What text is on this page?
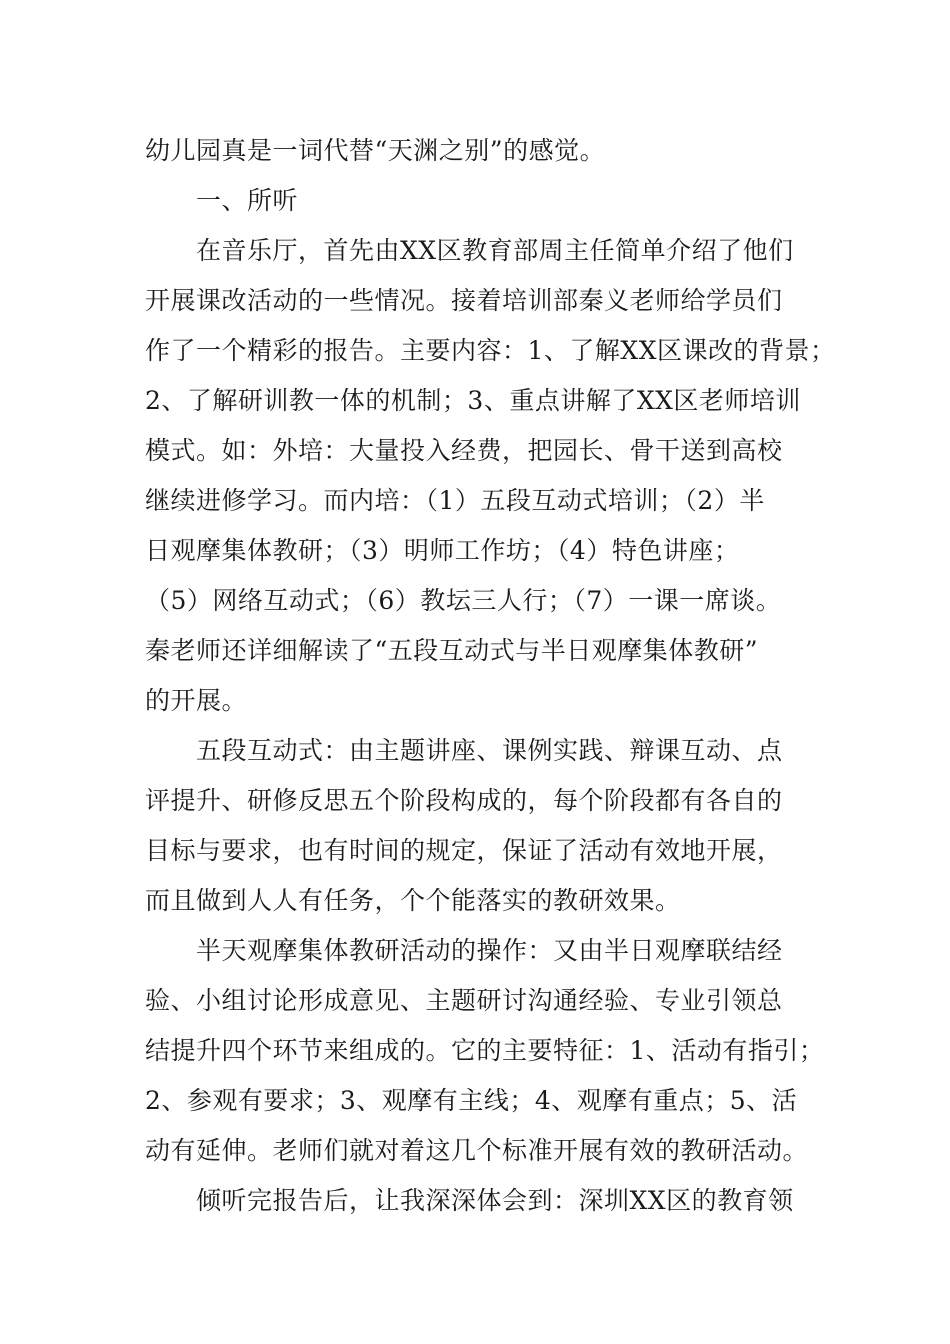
幼儿园真是一词代替“天渊之别”的感觉。
一、所听
在音乐厅，首先由XX区教育部周主任简单介绍了他们
开展课改活动的一些情况。接着培训部秦义老师给学员们
作了一个精彩的报告。主要内容：1、了解XX区课改的背景；
2、了解研训教一体的机制；3、重点讲解了XX区老师培训
模式。如：外培：大量投入经费，把园长、骨干送到高校
继续进修学习。而内培：（1）五段互动式培训；（2）半
日观摩集体教研；（3）明师工作坊；（4）特色讲座；
（5）网络互动式；（6）教坛三人行；（7）一课一席谈。
秦老师还详细解读了“五段互动式与半日观摩集体教研”
的开展。
五段互动式：由主题讲座、课例实践、辩课互动、点
评提升、研修反思五个阶段构成的，每个阶段都有各自的
目标与要求，也有时间的规定，保证了活动有效地开展，
而且做到人人有任务，个个能落实的教研效果。
半天观摩集体教研活动的操作：又由半日观摩联结经
验、小组讨论形成意见、主题研讨沟通经验、专业引领总
结提升四个环节来组成的。它的主要特征：1、活动有指引；
2、参观有要求；3、观摩有主线；4、观摩有重点；5、活
动有延伸。老师们就对着这几个标准开展有效的教研活动。
倾听完报告后，让我深深体会到：深圳XX区的教育领
